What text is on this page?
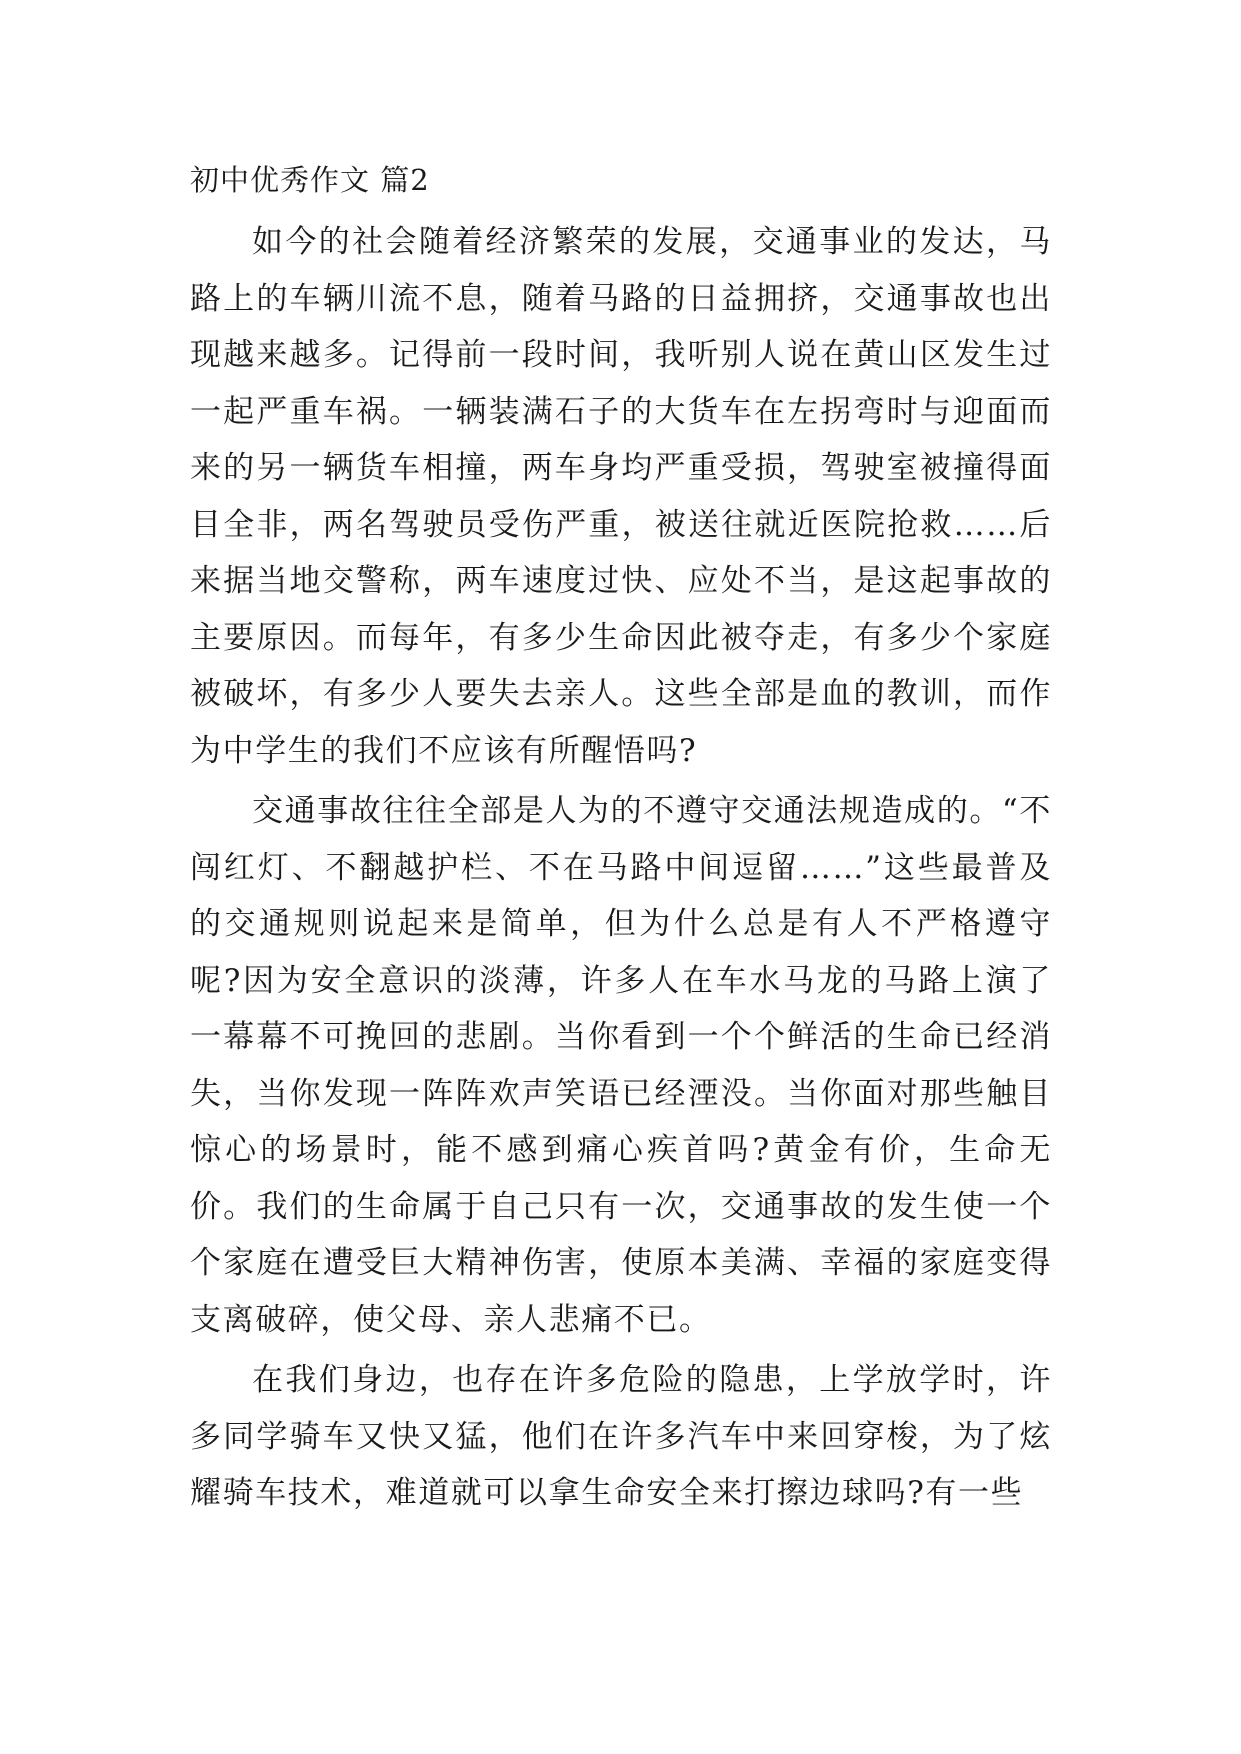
初中优秀作文 篇2

如今的社会随着经济繁荣的发展，交通事业的发达，马路上的车辆川流不息，随着马路的日益拥挤，交通事故也出现越来越多。记得前一段时间，我听别人说在黄山区发生过一起严重车祸。一辆装满石子的大货车在左拐弯时与迎面而来的另一辆货车相撞，两车身均严重受损，驾驶室被撞得面目全非，两名驾驶员受伤严重，被送往就近医院抢救……后来据当地交警称，两车速度过快、应处不当，是这起事故的主要原因。而每年，有多少生命因此被夺走，有多少个家庭被破坏，有多少人要失去亲人。这些全部是血的教训，而作为中学生的我们不应该有所醒悟吗?

交通事故往往全部是人为的不遵守交通法规造成的。“不闯红灯、不翻越护栏、不在马路中间逗留……”这些最普及的交通规则说起来是简单，但为什么总是有人不严格遵守呢?因为安全意识的淡薄，许多人在车水马龙的马路上演了一幕幕不可挽回的悲剧。当你看到一个个鲜活的生命已经消失，当你发现一阵阵欢声笑语已经湮没。当你面对那些触目惊心的场景时，能不感到痛心疾首吗?黄金有价，生命无价。我们的生命属于自己只有一次，交通事故的发生使一个个家庭在遭受巨大精神伤害，使原本美满、幸福的家庭变得支离破碎，使父母、亲人悲痛不已。

在我们身边，也存在许多危险的隐患，上学放学时，许多同学骑车又快又猛，他们在许多汽车中来回穿梭，为了炫耀骑车技术，难道就可以拿生命安全来打擦边球吗?有一些
